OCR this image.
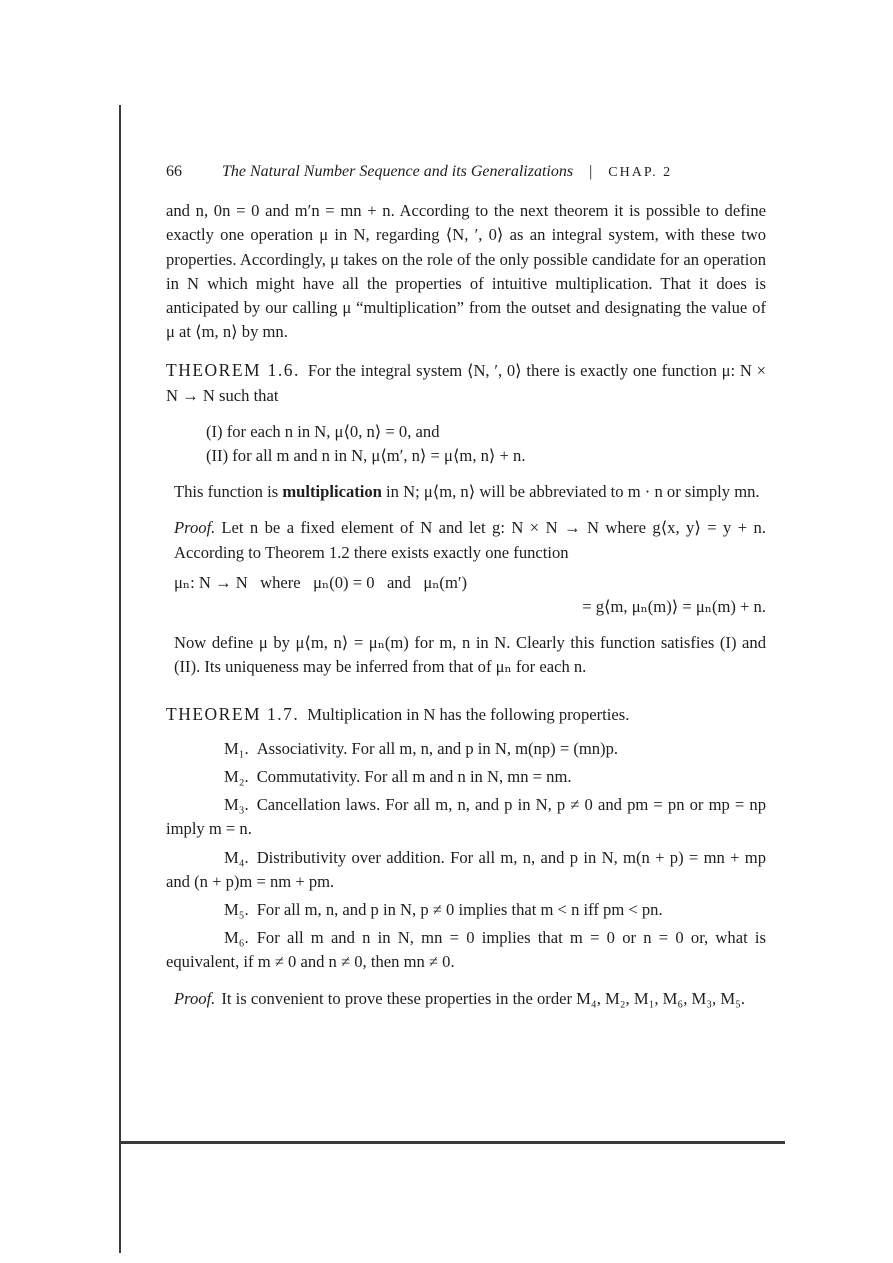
66	The Natural Number Sequence and its Generalizations | CHAP. 2

and n, 0n = 0 and m′n = mn + n. According to the next theorem it is possible to define exactly one operation μ in N, regarding ⟨N, ′, 0⟩ as an integral system, with these two properties. Accordingly, μ takes on the role of the only possible candidate for an operation in N which might have all the properties of intuitive multiplication. That it does is anticipated by our calling μ “multiplication” from the outset and designating the value of μ at ⟨m, n⟩ by mn.

THEOREM 1.6. For the integral system ⟨N, ′, 0⟩ there is exactly one function μ: N × N → N such that

(I) for each n in N, μ⟨0, n⟩ = 0, and
(II) for all m and n in N, μ⟨m′, n⟩ = μ⟨m, n⟩ + n.

This function is multiplication in N; μ⟨m, n⟩ will be abbreviated to m · n or simply mn.

Proof. Let n be a fixed element of N and let g: N × N → N where g⟨x, y⟩ = y + n. According to Theorem 1.2 there exists exactly one function

μₙ: N → N   where   μₙ(0) = 0   and   μₙ(m′)
= g⟨m, μₙ(m)⟩ = μₙ(m) + n.

Now define μ by μ⟨m, n⟩ = μₙ(m) for m, n in N. Clearly this function satisfies (I) and (II). Its uniqueness may be inferred from that of μₙ for each n.

THEOREM 1.7. Multiplication in N has the following properties.

M₁. Associativity. For all m, n, and p in N, m(np) = (mn)p.

M₂. Commutativity. For all m and n in N, mn = nm.

M₃. Cancellation laws. For all m, n, and p in N, p ≠ 0 and pm = pn or mp = np imply m = n.

M₄. Distributivity over addition. For all m, n, and p in N, m(n + p) = mn + mp and (n + p)m = nm + pm.

M₅. For all m, n, and p in N, p ≠ 0 implies that m < n iff pm < pn.

M₆. For all m and n in N, mn = 0 implies that m = 0 or n = 0 or, what is equivalent, if m ≠ 0 and n ≠ 0, then mn ≠ 0.

Proof. It is convenient to prove these properties in the order M₄, M₂, M₁, M₆, M₃, M₅.
